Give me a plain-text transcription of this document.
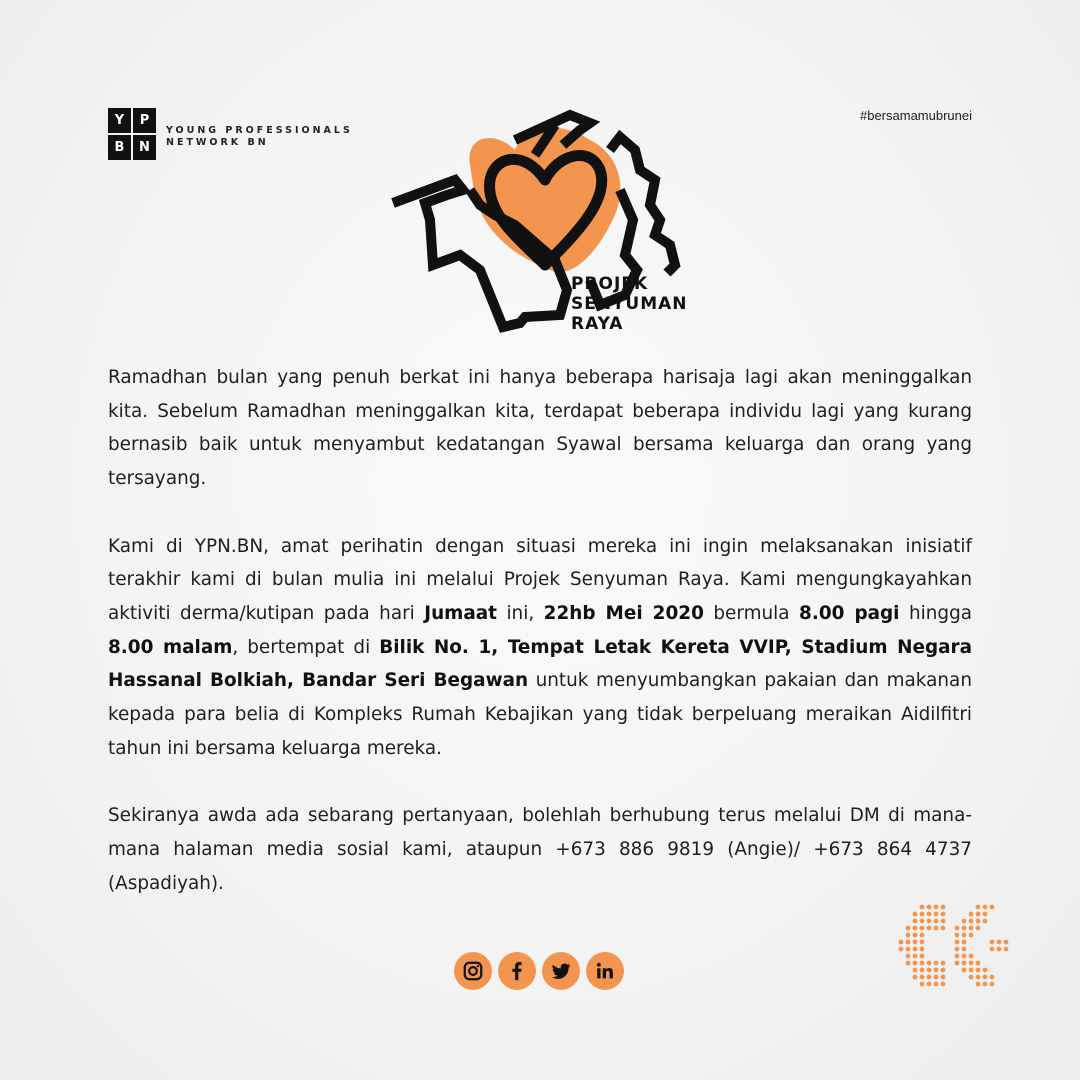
Y	P
B	N
YOUNG PROFESSIONALS
NETWORK BN
#bersamamubrunei
PROJEK
SENYUMAN
RAYA

Ramadhan bulan yang penuh berkat ini hanya beberapa harisaja lagi akan meninggalkan kita. Sebelum Ramadhan meninggalkan kita, terdapat beberapa individu lagi yang kurang bernasib baik untuk menyambut kedatangan Syawal bersama keluarga dan orang yang tersayang.

Kami di YPN.BN, amat perihatin dengan situasi mereka ini ingin melaksanakan inisiatif terakhir kami di bulan mulia ini melalui Projek Senyuman Raya. Kami mengungkayahkan aktiviti derma/kutipan pada hari Jumaat ini, 22hb Mei 2020 bermula 8.00 pagi hingga 8.00 malam, bertempat di Bilik No. 1, Tempat Letak Kereta VVIP, Stadium Negara Hassanal Bolkiah, Bandar Seri Begawan untuk menyumbangkan pakaian dan makanan kepada para belia di Kompleks Rumah Kebajikan yang tidak berpeluang meraikan Aidilfitri tahun ini bersama keluarga mereka.

Sekiranya awda ada sebarang pertanyaan, bolehlah berhubung terus melalui DM di mana-mana halaman media sosial kami, ataupun +673 886 9819 (Angie)/ +673 864 4737 (Aspadiyah).
